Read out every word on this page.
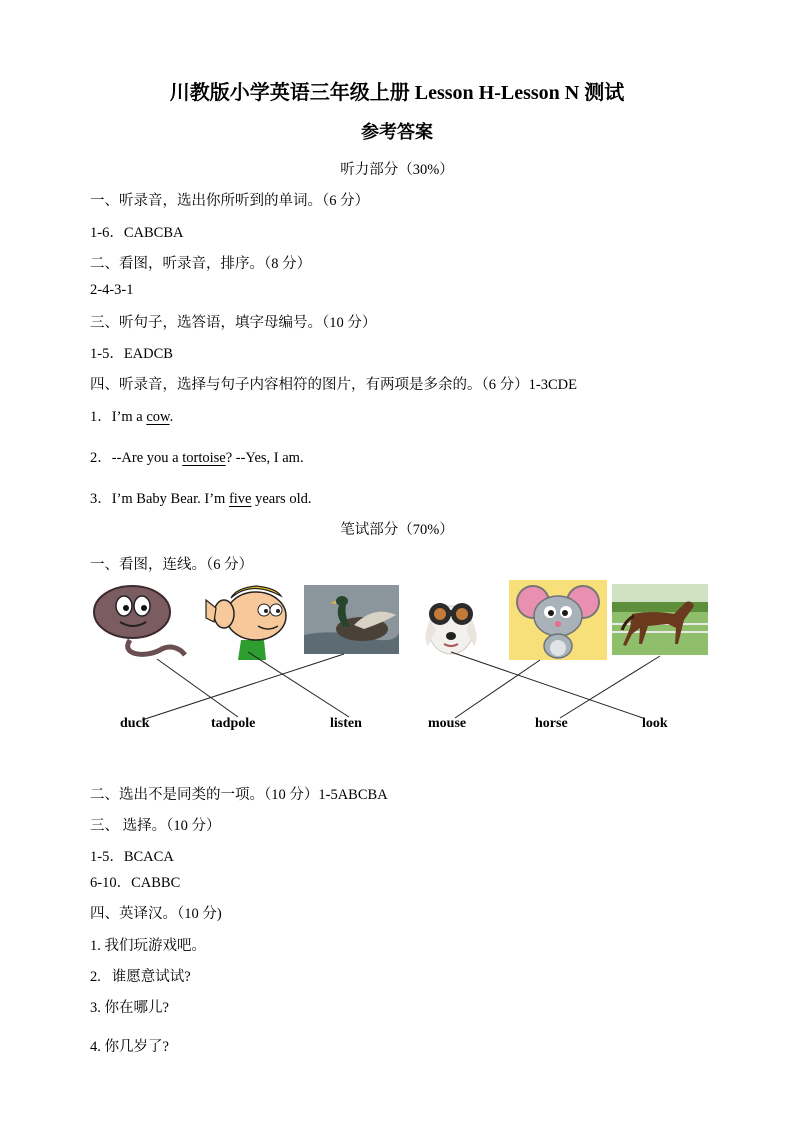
川教版小学英语三年级上册 Lesson H-Lesson N 测试
参考答案
听力部分（30%）
一、听录音，选出你所听到的单词。（6 分）
1-6．CABCBA
二、看图，听录音，排序。（8 分）
2-4-3-1
三、听句子，选答语，填字母编号。（10 分）
1-5．EADCB
四、听录音，选择与句子内容相符的图片，有两项是多余的。（6 分）1-3CDE
1．I’m a cow.
2．--Are you a tortoise? --Yes, I am.
3．I’m Baby Bear. I’m five years old.
笔试部分（70%）
一、看图，连线。（6 分）
duck	tadpole	listen	mouse	horse	look
二、选出不是同类的一项。（10 分）1-5ABCBA
三、 选择。（10 分）
1-5．BCACA
6-10．CABBC
四、英译汉。（10 分)
1. 我们玩游戏吧。
2.   谁愿意试试?
3. 你在哪儿?
4. 你几岁了?
